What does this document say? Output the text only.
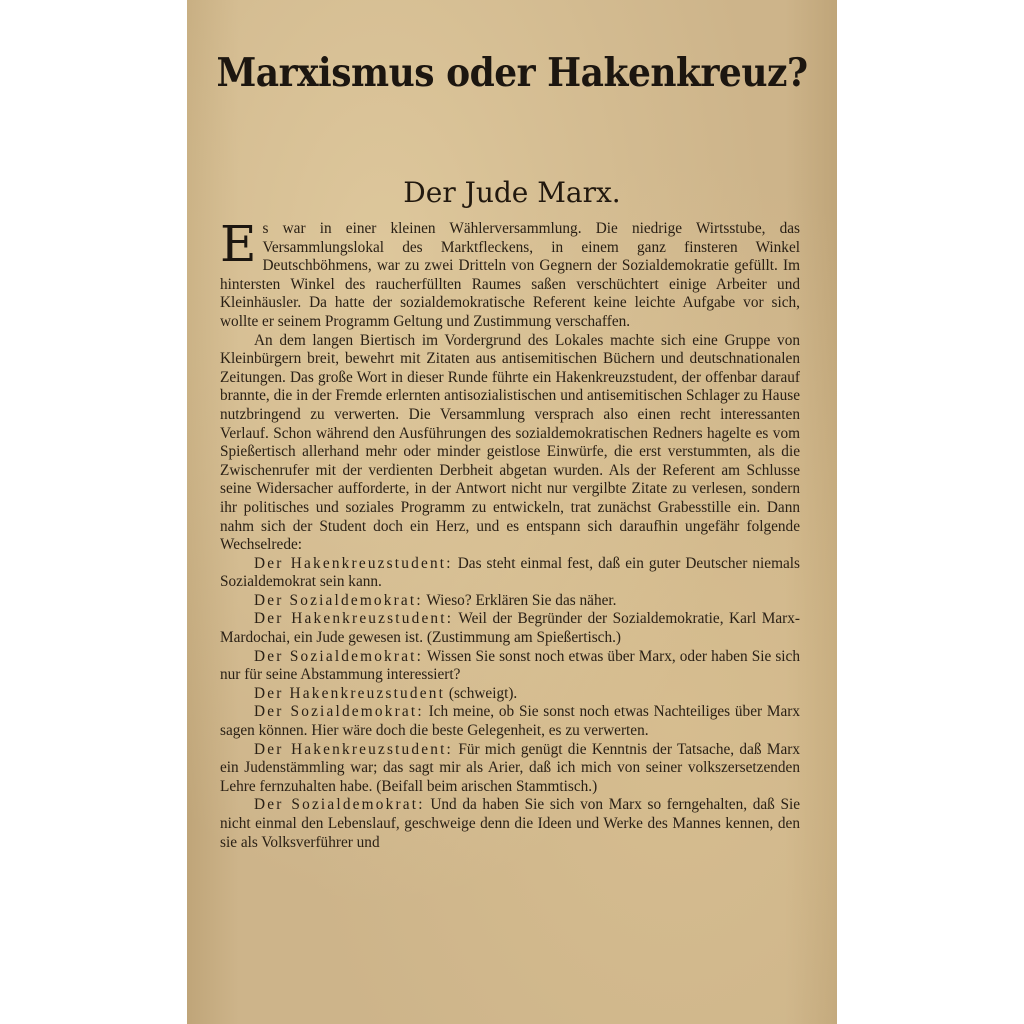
Marxismus oder Hakenkreuz?
Der Jude Marx.

Es war in einer kleinen Wählerversammlung. Die niedrige Wirtsstube, das Versammlungslokal des Marktfleckens, in einem ganz finsteren Winkel Deutschböhmens, war zu zwei Dritteln von Gegnern der Sozialdemokratie gefüllt. Im hintersten Winkel des raucherfüllten Raumes saßen verschüchtert einige Arbeiter und Kleinhäusler. Da hatte der sozialdemokratische Referent keine leichte Aufgabe vor sich, wollte er seinem Programm Geltung und Zustimmung verschaffen.

An dem langen Biertisch im Vordergrund des Lokales machte sich eine Gruppe von Kleinbürgern breit, bewehrt mit Zitaten aus antisemitischen Büchern und deutschnationalen Zeitungen. Das große Wort in dieser Runde führte ein Hakenkreuzstudent, der offenbar darauf brannte, die in der Fremde erlernten antisozialistischen und antisemitischen Schlager zu Hause nutzbringend zu verwerten. Die Versammlung versprach also einen recht interessanten Verlauf. Schon während den Ausführungen des sozialdemokratischen Redners hagelte es vom Spießertisch allerhand mehr oder minder geistlose Einwürfe, die erst verstummten, als die Zwischenrufer mit der verdienten Derbheit abgetan wurden. Als der Referent am Schlusse seine Widersacher aufforderte, in der Antwort nicht nur vergilbte Zitate zu verlesen, sondern ihr politisches und soziales Programm zu entwickeln, trat zunächst Grabesstille ein. Dann nahm sich der Student doch ein Herz, und es entspann sich daraufhin ungefähr folgende Wechselrede:

Der Hakenkreuzstudent: Das steht einmal fest, daß ein guter Deutscher niemals Sozialdemokrat sein kann.

Der Sozialdemokrat: Wieso? Erklären Sie das näher.

Der Hakenkreuzstudent: Weil der Begründer der Sozialdemokratie, Karl Marx-Mardochai, ein Jude gewesen ist. (Zustimmung am Spießertisch.)

Der Sozialdemokrat: Wissen Sie sonst noch etwas über Marx, oder haben Sie sich nur für seine Abstammung interessiert?

Der Hakenkreuzstudent (schweigt).

Der Sozialdemokrat: Ich meine, ob Sie sonst noch etwas Nachteiliges über Marx sagen können. Hier wäre doch die beste Gelegenheit, es zu verwerten.

Der Hakenkreuzstudent: Für mich genügt die Kenntnis der Tatsache, daß Marx ein Judenstämmling war; das sagt mir als Arier, daß ich mich von seiner volkszersetzenden Lehre fernzuhalten habe. (Beifall beim arischen Stammtisch.)

Der Sozialdemokrat: Und da haben Sie sich von Marx so ferngehalten, daß Sie nicht einmal den Lebenslauf, geschweige denn die Ideen und Werke des Mannes kennen, den sie als Volksverführer und
